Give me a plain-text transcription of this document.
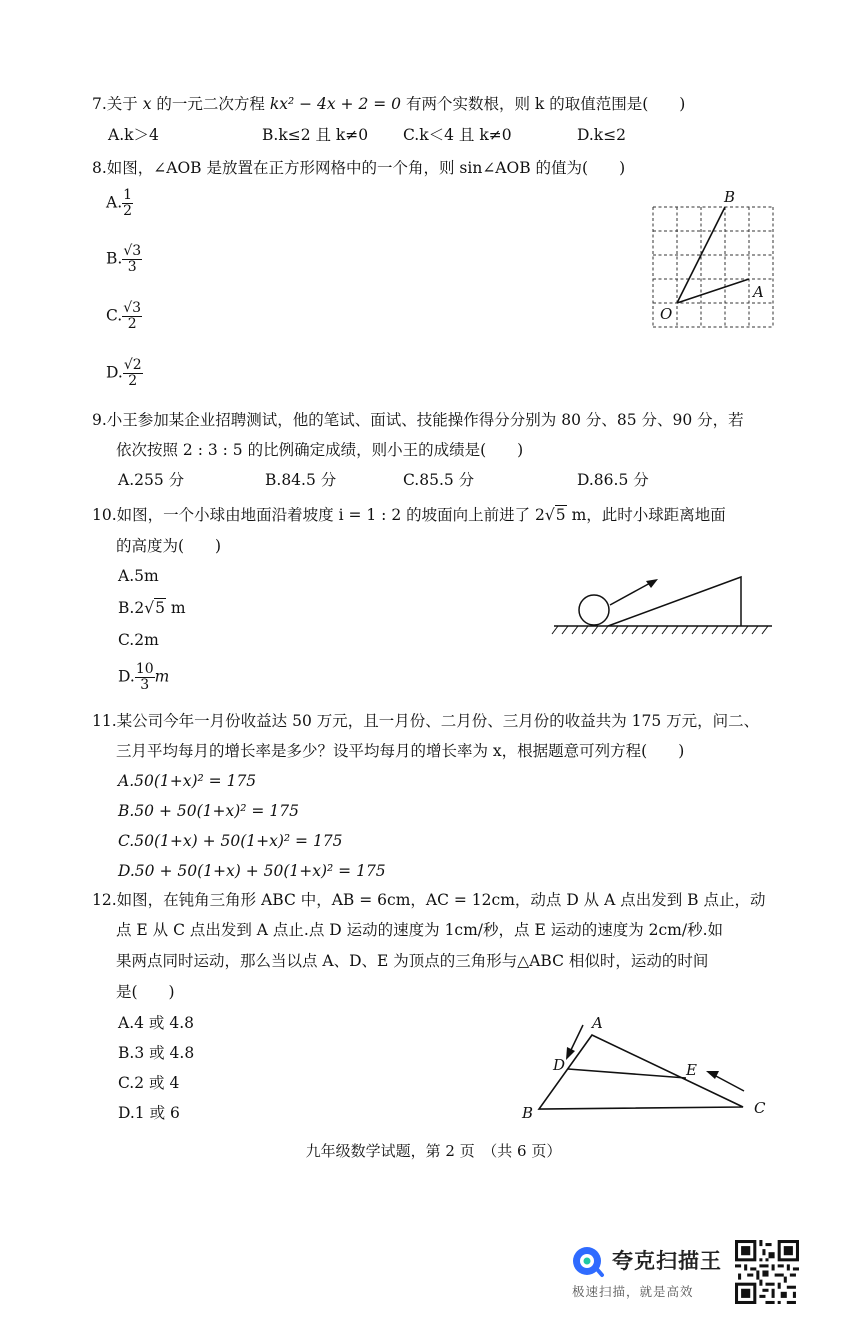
7.关于 x 的一元二次方程 kx² − 4x + 2 = 0 有两个实数根，则 k 的取值范围是(　　)
A.k＞4	B.k≤2 且 k≠0 C.k＜4 且 k≠0	D.k≤2
8.如图，∠AOB 是放置在正方形网格中的一个角，则 sin∠AOB 的值为(　　)
A. $\frac{1}{2}$
B. $\frac{√3}{3}$
C. $\frac{√3}{2}$
D. $\frac{√2}{2}$
B
A
O
9.小王参加某企业招聘测试，他的笔试、面试、技能操作得分分别为 80 分、85 分、90 分，若
依次按照 2 : 3 : 5 的比例确定成绩，则小王的成绩是(　　)
A.255 分	B.84.5 分	C.85.5 分	D.86.5 分
10.如图，一个小球由地面沿着坡度 i = 1 : 2 的坡面向上前进了 2√5 m，此时小球距离地面
的高度为(　　)
A.5m
B.2√5 m
C.2m
D. $\frac{10}{3}$ m
11.某公司今年一月份收益达 50 万元，且一月份、二月份、三月份的收益共为 175 万元，问二、
三月平均每月的增长率是多少？设平均每月的增长率为 x，根据题意可列方程(　　)
A.50(1+x)² = 175
B.50 + 50(1+x)² = 175
C.50(1+x) + 50(1+x)² = 175
D.50 + 50(1+x) + 50(1+x)² = 175
12.如图，在钝角三角形 ABC 中，AB = 6cm，AC = 12cm，动点 D 从 A 点出发到 B 点止，动
点 E 从 C 点出发到 A 点止.点 D 运动的速度为 1cm/秒，点 E 运动的速度为 2cm/秒.如
果两点同时运动，那么当以点 A、D、E 为顶点的三角形与△ABC 相似时，运动的时间
是(　　)
A.4 或 4.8
B.3 或 4.8
C.2 或 4
D.1 或 6
A
B	C
D	E
九年级数学试题，第 2 页　（共 6 页）
夸克扫描王
极速扫描，就是高效
